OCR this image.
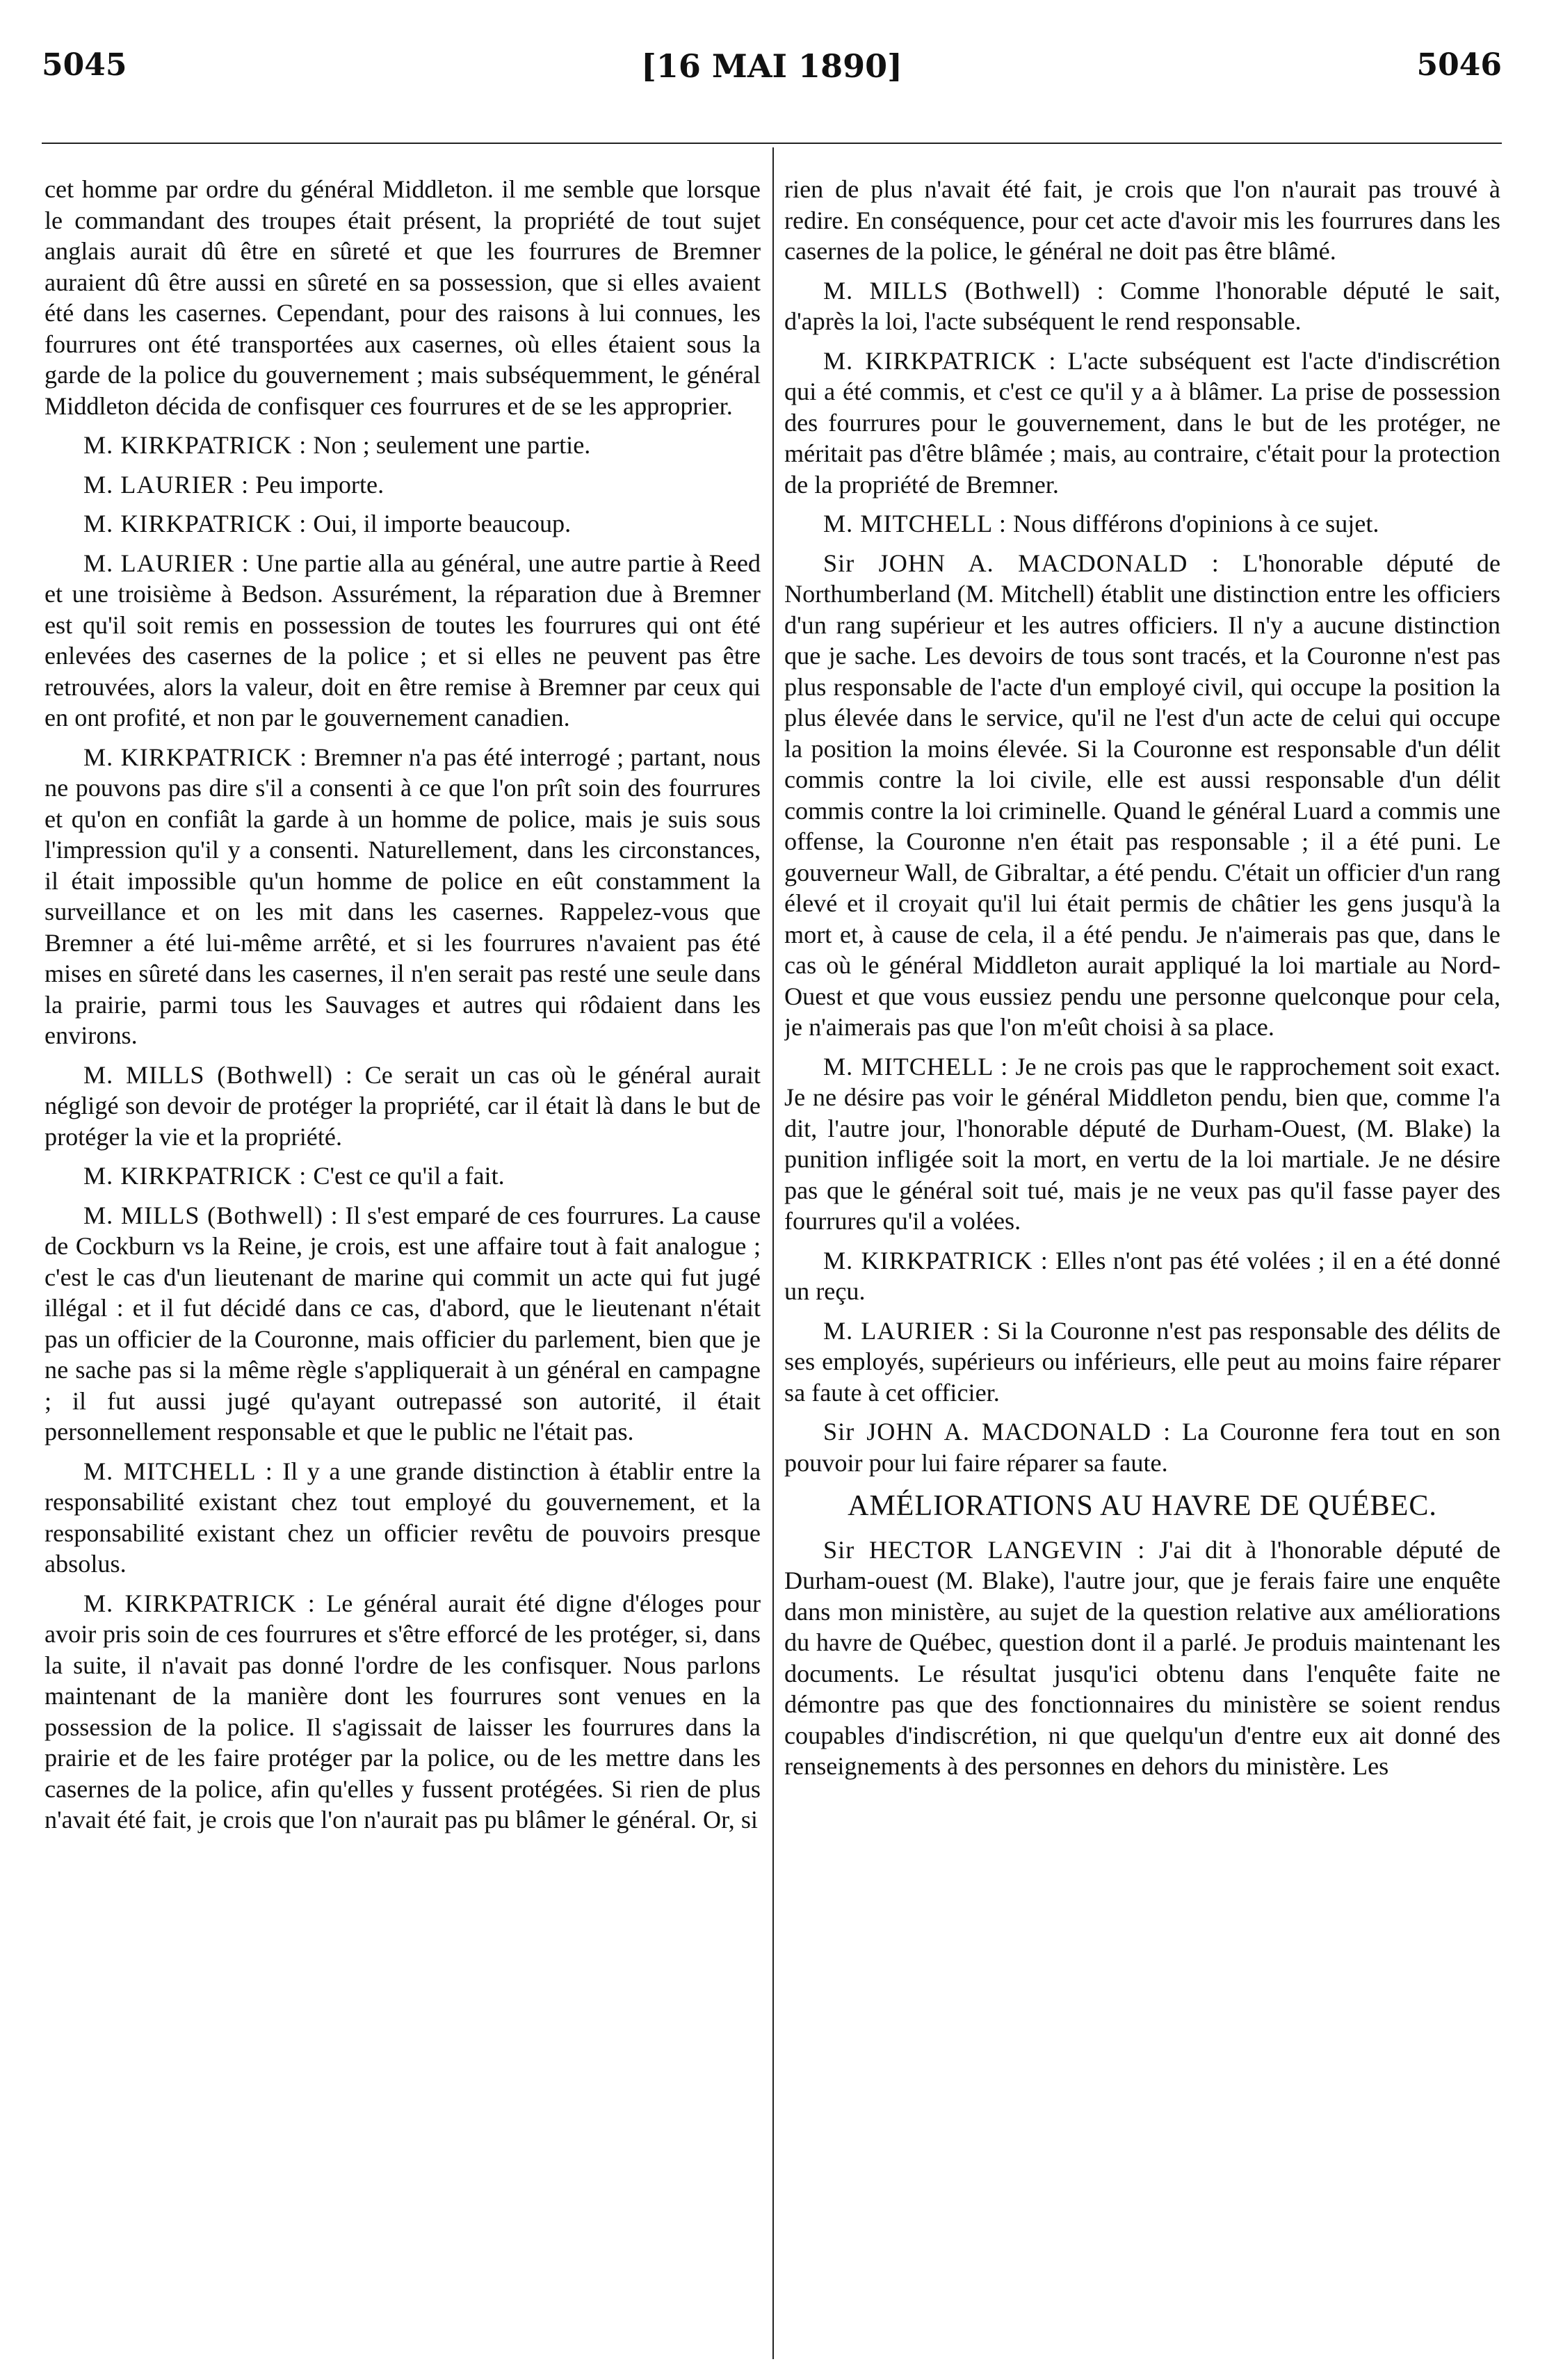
5045	[16 MAI 1890]	5046

cet homme par ordre du général Middleton. il me semble que lorsque le commandant des troupes était présent, la propriété de tout sujet anglais aurait dû être en sûreté et que les fourrures de Bremner auraient dû être aussi en sûreté en sa possession, que si elles avaient été dans les casernes. Cependant, pour des raisons à lui connues, les fourrures ont été transportées aux casernes, où elles étaient sous la garde de la police du gouvernement ; mais subséquemment, le général Middleton décida de confisquer ces fourrures et de se les approprier.

M. KIRKPATRICK : Non ; seulement une partie.

M. LAURIER : Peu importe.

M. KIRKPATRICK : Oui, il importe beaucoup.

M. LAURIER : Une partie alla au général, une autre partie à Reed et une troisième à Bedson. Assurément, la réparation due à Bremner est qu'il soit remis en possession de toutes les fourrures qui ont été enlevées des casernes de la police ; et si elles ne peuvent pas être retrouvées, alors la valeur, doit en être remise à Bremner par ceux qui en ont profité, et non par le gouvernement canadien.

M. KIRKPATRICK : Bremner n'a pas été interrogé ; partant, nous ne pouvons pas dire s'il a consenti à ce que l'on prît soin des fourrures et qu'on en confiât la garde à un homme de police, mais je suis sous l'impression qu'il y a consenti. Naturellement, dans les circonstances, il était impossible qu'un homme de police en eût constamment la surveillance et on les mit dans les casernes. Rappelez-vous que Bremner a été lui-même arrêté, et si les fourrures n'avaient pas été mises en sûreté dans les casernes, il n'en serait pas resté une seule dans la prairie, parmi tous les Sauvages et autres qui rôdaient dans les environs.

M. MILLS (Bothwell) : Ce serait un cas où le général aurait négligé son devoir de protéger la propriété, car il était là dans le but de protéger la vie et la propriété.

M. KIRKPATRICK : C'est ce qu'il a fait.

M. MILLS (Bothwell) : Il s'est emparé de ces fourrures. La cause de Cockburn vs la Reine, je crois, est une affaire tout à fait analogue ; c'est le cas d'un lieutenant de marine qui commit un acte qui fut jugé illégal : et il fut décidé dans ce cas, d'abord, que le lieutenant n'était pas un officier de la Couronne, mais officier du parlement, bien que je ne sache pas si la même règle s'appliquerait à un général en campagne ; il fut aussi jugé qu'ayant outrepassé son autorité, il était personnellement responsable et que le public ne l'était pas.

M. MITCHELL : Il y a une grande distinction à établir entre la responsabilité existant chez tout employé du gouvernement, et la responsabilité existant chez un officier revêtu de pouvoirs presque absolus.

M. KIRKPATRICK : Le général aurait été digne d'éloges pour avoir pris soin de ces fourrures et s'être efforcé de les protéger, si, dans la suite, il n'avait pas donné l'ordre de les confisquer. Nous parlons maintenant de la manière dont les fourrures sont venues en la possession de la police. Il s'agissait de laisser les fourrures dans la prairie et de les faire protéger par la police, ou de les mettre dans les casernes de la police, afin qu'elles y fussent protégées. Si rien de plus n'avait été fait, je crois que l'on n'aurait pas pu blâmer le général. Or, si

rien de plus n'avait été fait, je crois que l'on n'aurait pas trouvé à redire. En conséquence, pour cet acte d'avoir mis les fourrures dans les casernes de la police, le général ne doit pas être blâmé.

M. MILLS (Bothwell) : Comme l'honorable député le sait, d'après la loi, l'acte subséquent le rend responsable.

M. KIRKPATRICK : L'acte subséquent est l'acte d'indiscrétion qui a été commis, et c'est ce qu'il y a à blâmer. La prise de possession des fourrures pour le gouvernement, dans le but de les protéger, ne méritait pas d'être blâmée ; mais, au contraire, c'était pour la protection de la propriété de Bremner.

M. MITCHELL : Nous différons d'opinions à ce sujet.

Sir JOHN A. MACDONALD : L'honorable député de Northumberland (M. Mitchell) établit une distinction entre les officiers d'un rang supérieur et les autres officiers. Il n'y a aucune distinction que je sache. Les devoirs de tous sont tracés, et la Couronne n'est pas plus responsable de l'acte d'un employé civil, qui occupe la position la plus élevée dans le service, qu'il ne l'est d'un acte de celui qui occupe la position la moins élevée. Si la Couronne est responsable d'un délit commis contre la loi civile, elle est aussi responsable d'un délit commis contre la loi criminelle. Quand le général Luard a commis une offense, la Couronne n'en était pas responsable ; il a été puni. Le gouverneur Wall, de Gibraltar, a été pendu. C'était un officier d'un rang élevé et il croyait qu'il lui était permis de châtier les gens jusqu'à la mort et, à cause de cela, il a été pendu. Je n'aimerais pas que, dans le cas où le général Middleton aurait appliqué la loi martiale au Nord-Ouest et que vous eussiez pendu une personne quelconque pour cela, je n'aimerais pas que l'on m'eût choisi à sa place.

M. MITCHELL : Je ne crois pas que le rapprochement soit exact. Je ne désire pas voir le général Middleton pendu, bien que, comme l'a dit, l'autre jour, l'honorable député de Durham-Ouest, (M. Blake) la punition infligée soit la mort, en vertu de la loi martiale. Je ne désire pas que le général soit tué, mais je ne veux pas qu'il fasse payer des fourrures qu'il a volées.

M. KIRKPATRICK : Elles n'ont pas été volées ; il en a été donné un reçu.

M. LAURIER : Si la Couronne n'est pas responsable des délits de ses employés, supérieurs ou inférieurs, elle peut au moins faire réparer sa faute à cet officier.

Sir JOHN A. MACDONALD : La Couronne fera tout en son pouvoir pour lui faire réparer sa faute.

AMÉLIORATIONS AU HAVRE DE QUÉBEC.

Sir HECTOR LANGEVIN : J'ai dit à l'honorable député de Durham-ouest (M. Blake), l'autre jour, que je ferais faire une enquête dans mon ministère, au sujet de la question relative aux améliorations du havre de Québec, question dont il a parlé. Je produis maintenant les documents. Le résultat jusqu'ici obtenu dans l'enquête faite ne démontre pas que des fonctionnaires du ministère se soient rendus coupables d'indiscrétion, ni que quelqu'un d'entre eux ait donné des renseignements à des personnes en dehors du ministère. Les
